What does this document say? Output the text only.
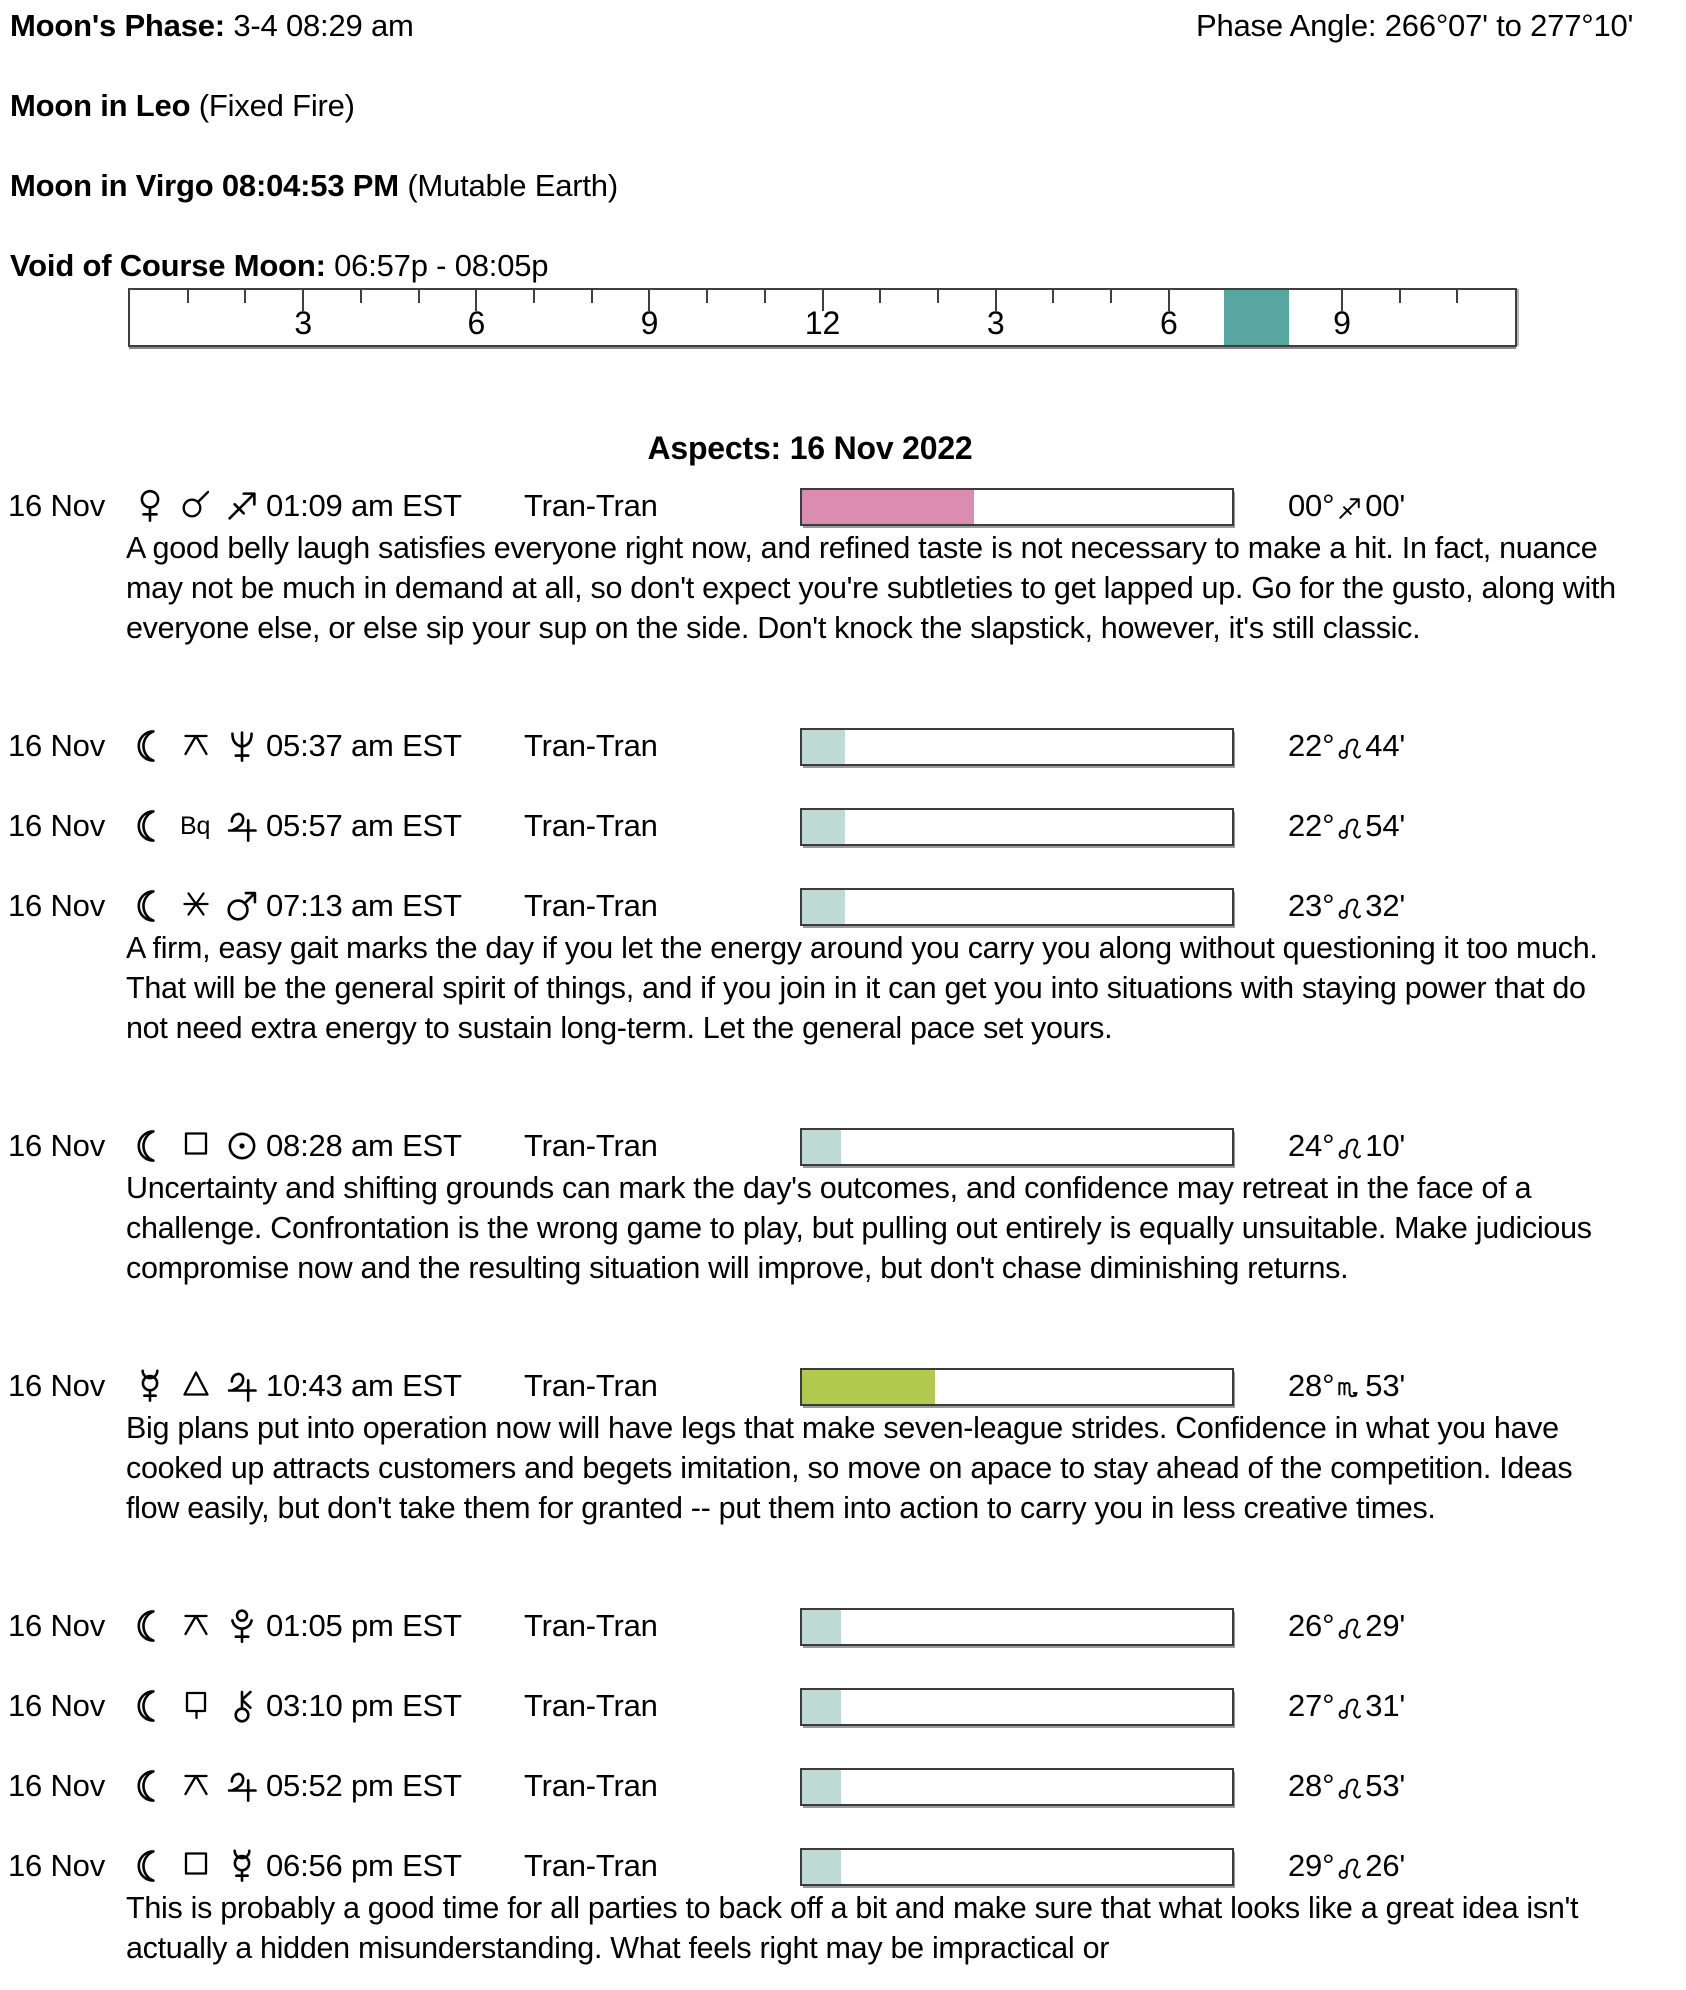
Moon's Phase: 3-4 08:29 am	Phase Angle: 266°07' to 277°10'
Moon in Leo (Fixed Fire)
Moon in Virgo 08:04:53 PM (Mutable Earth)
Void of Course Moon: 06:57p - 08:05p
3	6	9	12	3	6	9
Aspects: 16 Nov 2022
16 Nov	01:09 am EST Tran-Tran	00° 00'
A good belly laugh satisfies everyone right now, and refined taste is not necessary to make a hit. In fact, nuance may not be much in demand at all, so don't expect you're subtleties to get lapped up. Go for the gusto, along with everyone else, or else sip your sup on the side. Don't knock the slapstick, however, it's still classic.
16 Nov	05:37 am EST Tran-Tran	22° 44'
16 Nov	Bq 05:57 am EST Tran-Tran	22° 54'
16 Nov	07:13 am EST Tran-Tran	23° 32'
A firm, easy gait marks the day if you let the energy around you carry you along without questioning it too much. That will be the general spirit of things, and if you join in it can get you into situations with staying power that do not need extra energy to sustain long-term. Let the general pace set yours.
16 Nov	08:28 am EST Tran-Tran	24° 10'
Uncertainty and shifting grounds can mark the day's outcomes, and confidence may retreat in the face of a challenge. Confrontation is the wrong game to play, but pulling out entirely is equally unsuitable. Make judicious compromise now and the resulting situation will improve, but don't chase diminishing returns.
16 Nov	10:43 am EST Tran-Tran	28° 53'
Big plans put into operation now will have legs that make seven-league strides. Confidence in what you have cooked up attracts customers and begets imitation, so move on apace to stay ahead of the competition. Ideas flow easily, but don't take them for granted -- put them into action to carry you in less creative times.
16 Nov	01:05 pm EST Tran-Tran	26° 29'
16 Nov	03:10 pm EST Tran-Tran	27° 31'
16 Nov	05:52 pm EST Tran-Tran	28° 53'
16 Nov	06:56 pm EST Tran-Tran	29° 26'
This is probably a good time for all parties to back off a bit and make sure that what looks like a great idea isn't actually a hidden misunderstanding. What feels right may be impractical or
